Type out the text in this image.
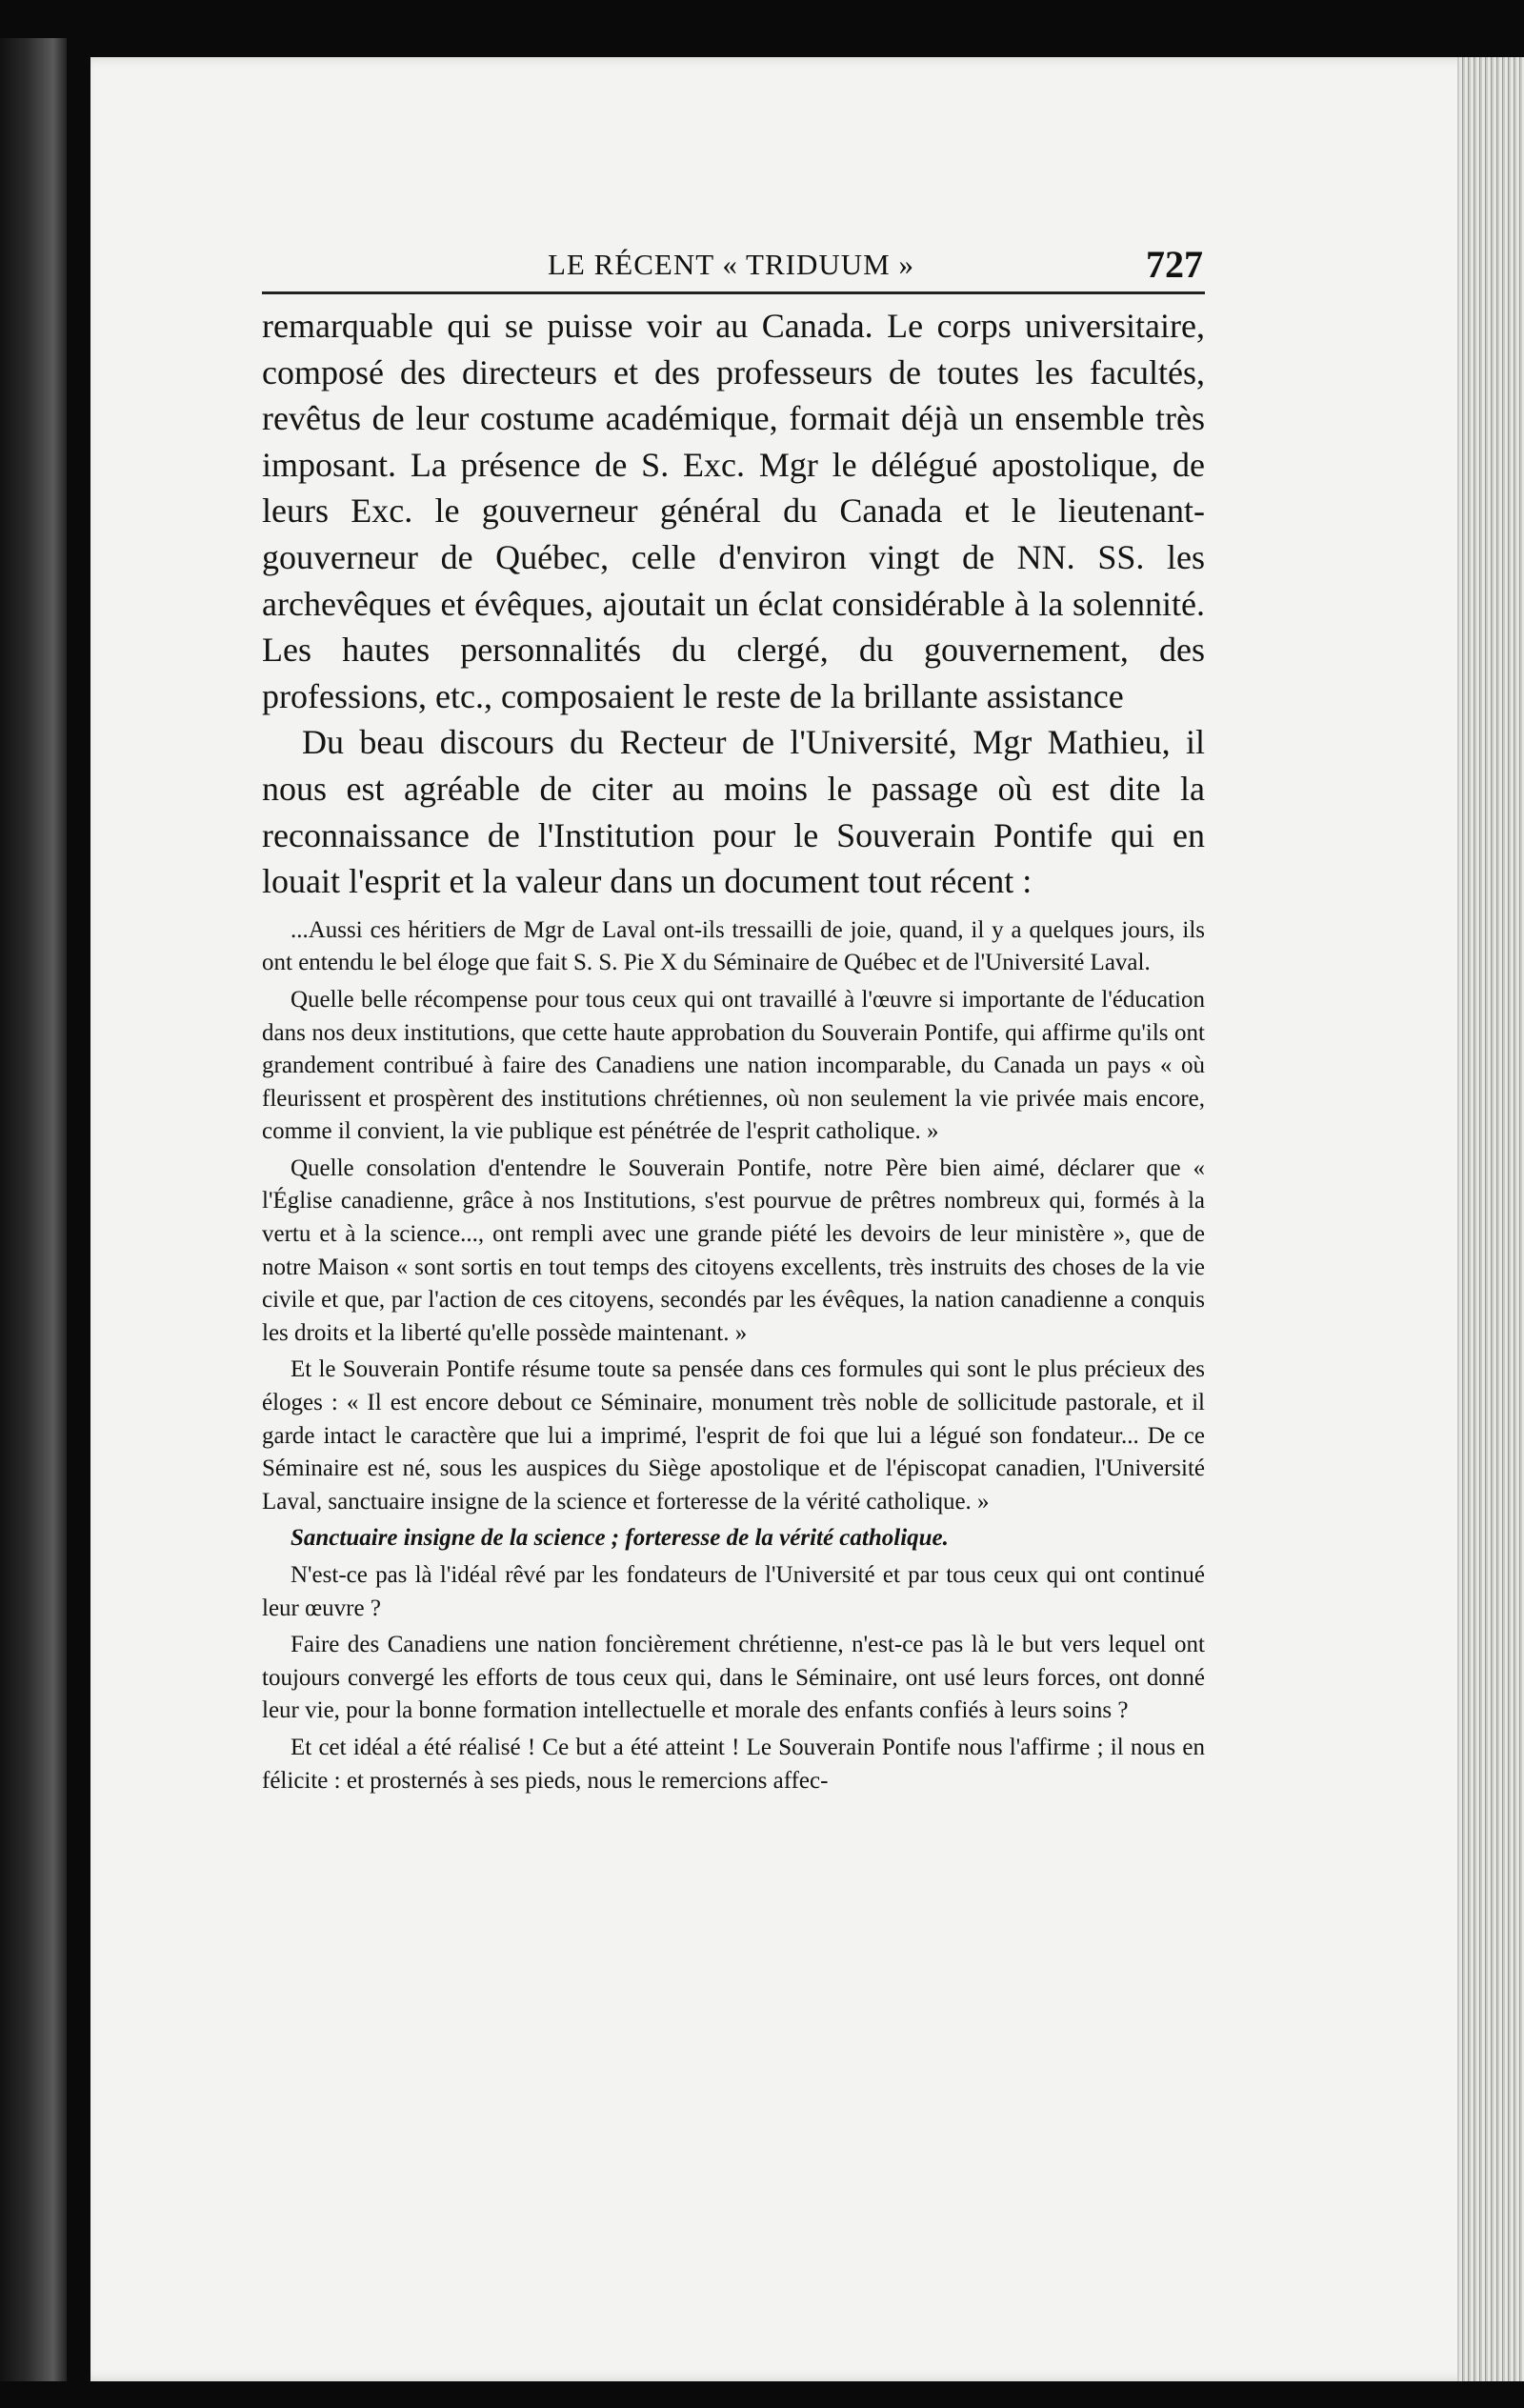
LE RÉCENT « TRIDUUM »	727

remarquable qui se puisse voir au Canada. Le corps universitaire, composé des directeurs et des professeurs de toutes les facultés, revêtus de leur costume académique, formait déjà un ensemble très imposant. La présence de S. Exc. Mgr le délégué apostolique, de leurs Exc. le gouverneur général du Canada et le lieutenant-gouverneur de Québec, celle d'environ vingt de NN. SS. les archevêques et évêques, ajoutait un éclat considérable à la solennité. Les hautes personnalités du clergé, du gouvernement, des professions, etc., composaient le reste de la brillante assistance

Du beau discours du Recteur de l'Université, Mgr Mathieu, il nous est agréable de citer au moins le passage où est dite la reconnaissance de l'Institution pour le Souverain Pontife qui en louait l'esprit et la valeur dans un document tout récent :

...Aussi ces héritiers de Mgr de Laval ont-ils tressailli de joie, quand, il y a quelques jours, ils ont entendu le bel éloge que fait S. S. Pie X du Séminaire de Québec et de l'Université Laval.

Quelle belle récompense pour tous ceux qui ont travaillé à l'œuvre si importante de l'éducation dans nos deux institutions, que cette haute approbation du Souverain Pontife, qui affirme qu'ils ont grandement contribué à faire des Canadiens une nation incomparable, du Canada un pays « où fleurissent et prospèrent des institutions chrétiennes, où non seulement la vie privée mais encore, comme il convient, la vie publique est pénétrée de l'esprit catholique. »

Quelle consolation d'entendre le Souverain Pontife, notre Père bien aimé, déclarer que « l'Église canadienne, grâce à nos Institutions, s'est pourvue de prêtres nombreux qui, formés à la vertu et à la science..., ont rempli avec une grande piété les devoirs de leur ministère », que de notre Maison « sont sortis en tout temps des citoyens excellents, très instruits des choses de la vie civile et que, par l'action de ces citoyens, secondés par les évêques, la nation canadienne a conquis les droits et la liberté qu'elle possède maintenant. »

Et le Souverain Pontife résume toute sa pensée dans ces formules qui sont le plus précieux des éloges : « Il est encore debout ce Séminaire, monument très noble de sollicitude pastorale, et il garde intact le caractère que lui a imprimé, l'esprit de foi que lui a légué son fondateur... De ce Séminaire est né, sous les auspices du Siège apostolique et de l'épiscopat canadien, l'Université Laval, sanctuaire insigne de la science et forteresse de la vérité catholique. »

Sanctuaire insigne de la science ; forteresse de la vérité catholique.

N'est-ce pas là l'idéal rêvé par les fondateurs de l'Université et par tous ceux qui ont continué leur œuvre ?

Faire des Canadiens une nation foncièrement chrétienne, n'est-ce pas là le but vers lequel ont toujours convergé les efforts de tous ceux qui, dans le Séminaire, ont usé leurs forces, ont donné leur vie, pour la bonne formation intellectuelle et morale des enfants confiés à leurs soins ?

Et cet idéal a été réalisé ! Ce but a été atteint ! Le Souverain Pontife nous l'affirme ; il nous en félicite : et prosternés à ses pieds, nous le remercions affec-
